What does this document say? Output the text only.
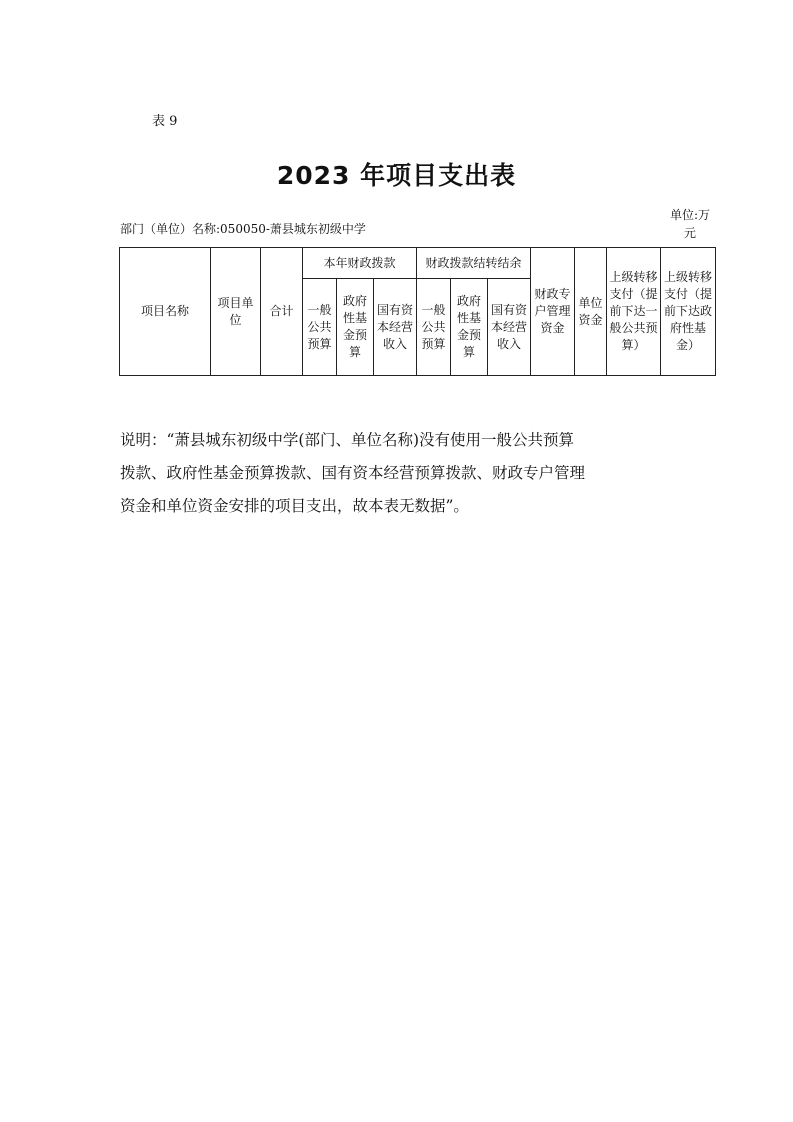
表 9
2023 年项目支出表
部门（单位）名称:050050-萧县城东初级中学
单位:万元
项目名称	项目单位	合计	本年财政拨款			财政拨款结转结余			财政专户管理资金	单位资金	上级转移支付（提前下达一般公共预算）	上级转移支付（提前下达政府性基金）
			一般公共预算	政府性基金预算	国有资本经营收入	一般公共预算	政府性基金预算	国有资本经营收入				
说明：“萧县城东初级中学(部门、单位名称)没有使用一般公共预算
拨款、政府性基金预算拨款、国有资本经营预算拨款、财政专户管理
资金和单位资金安排的项目支出，故本表无数据”。
